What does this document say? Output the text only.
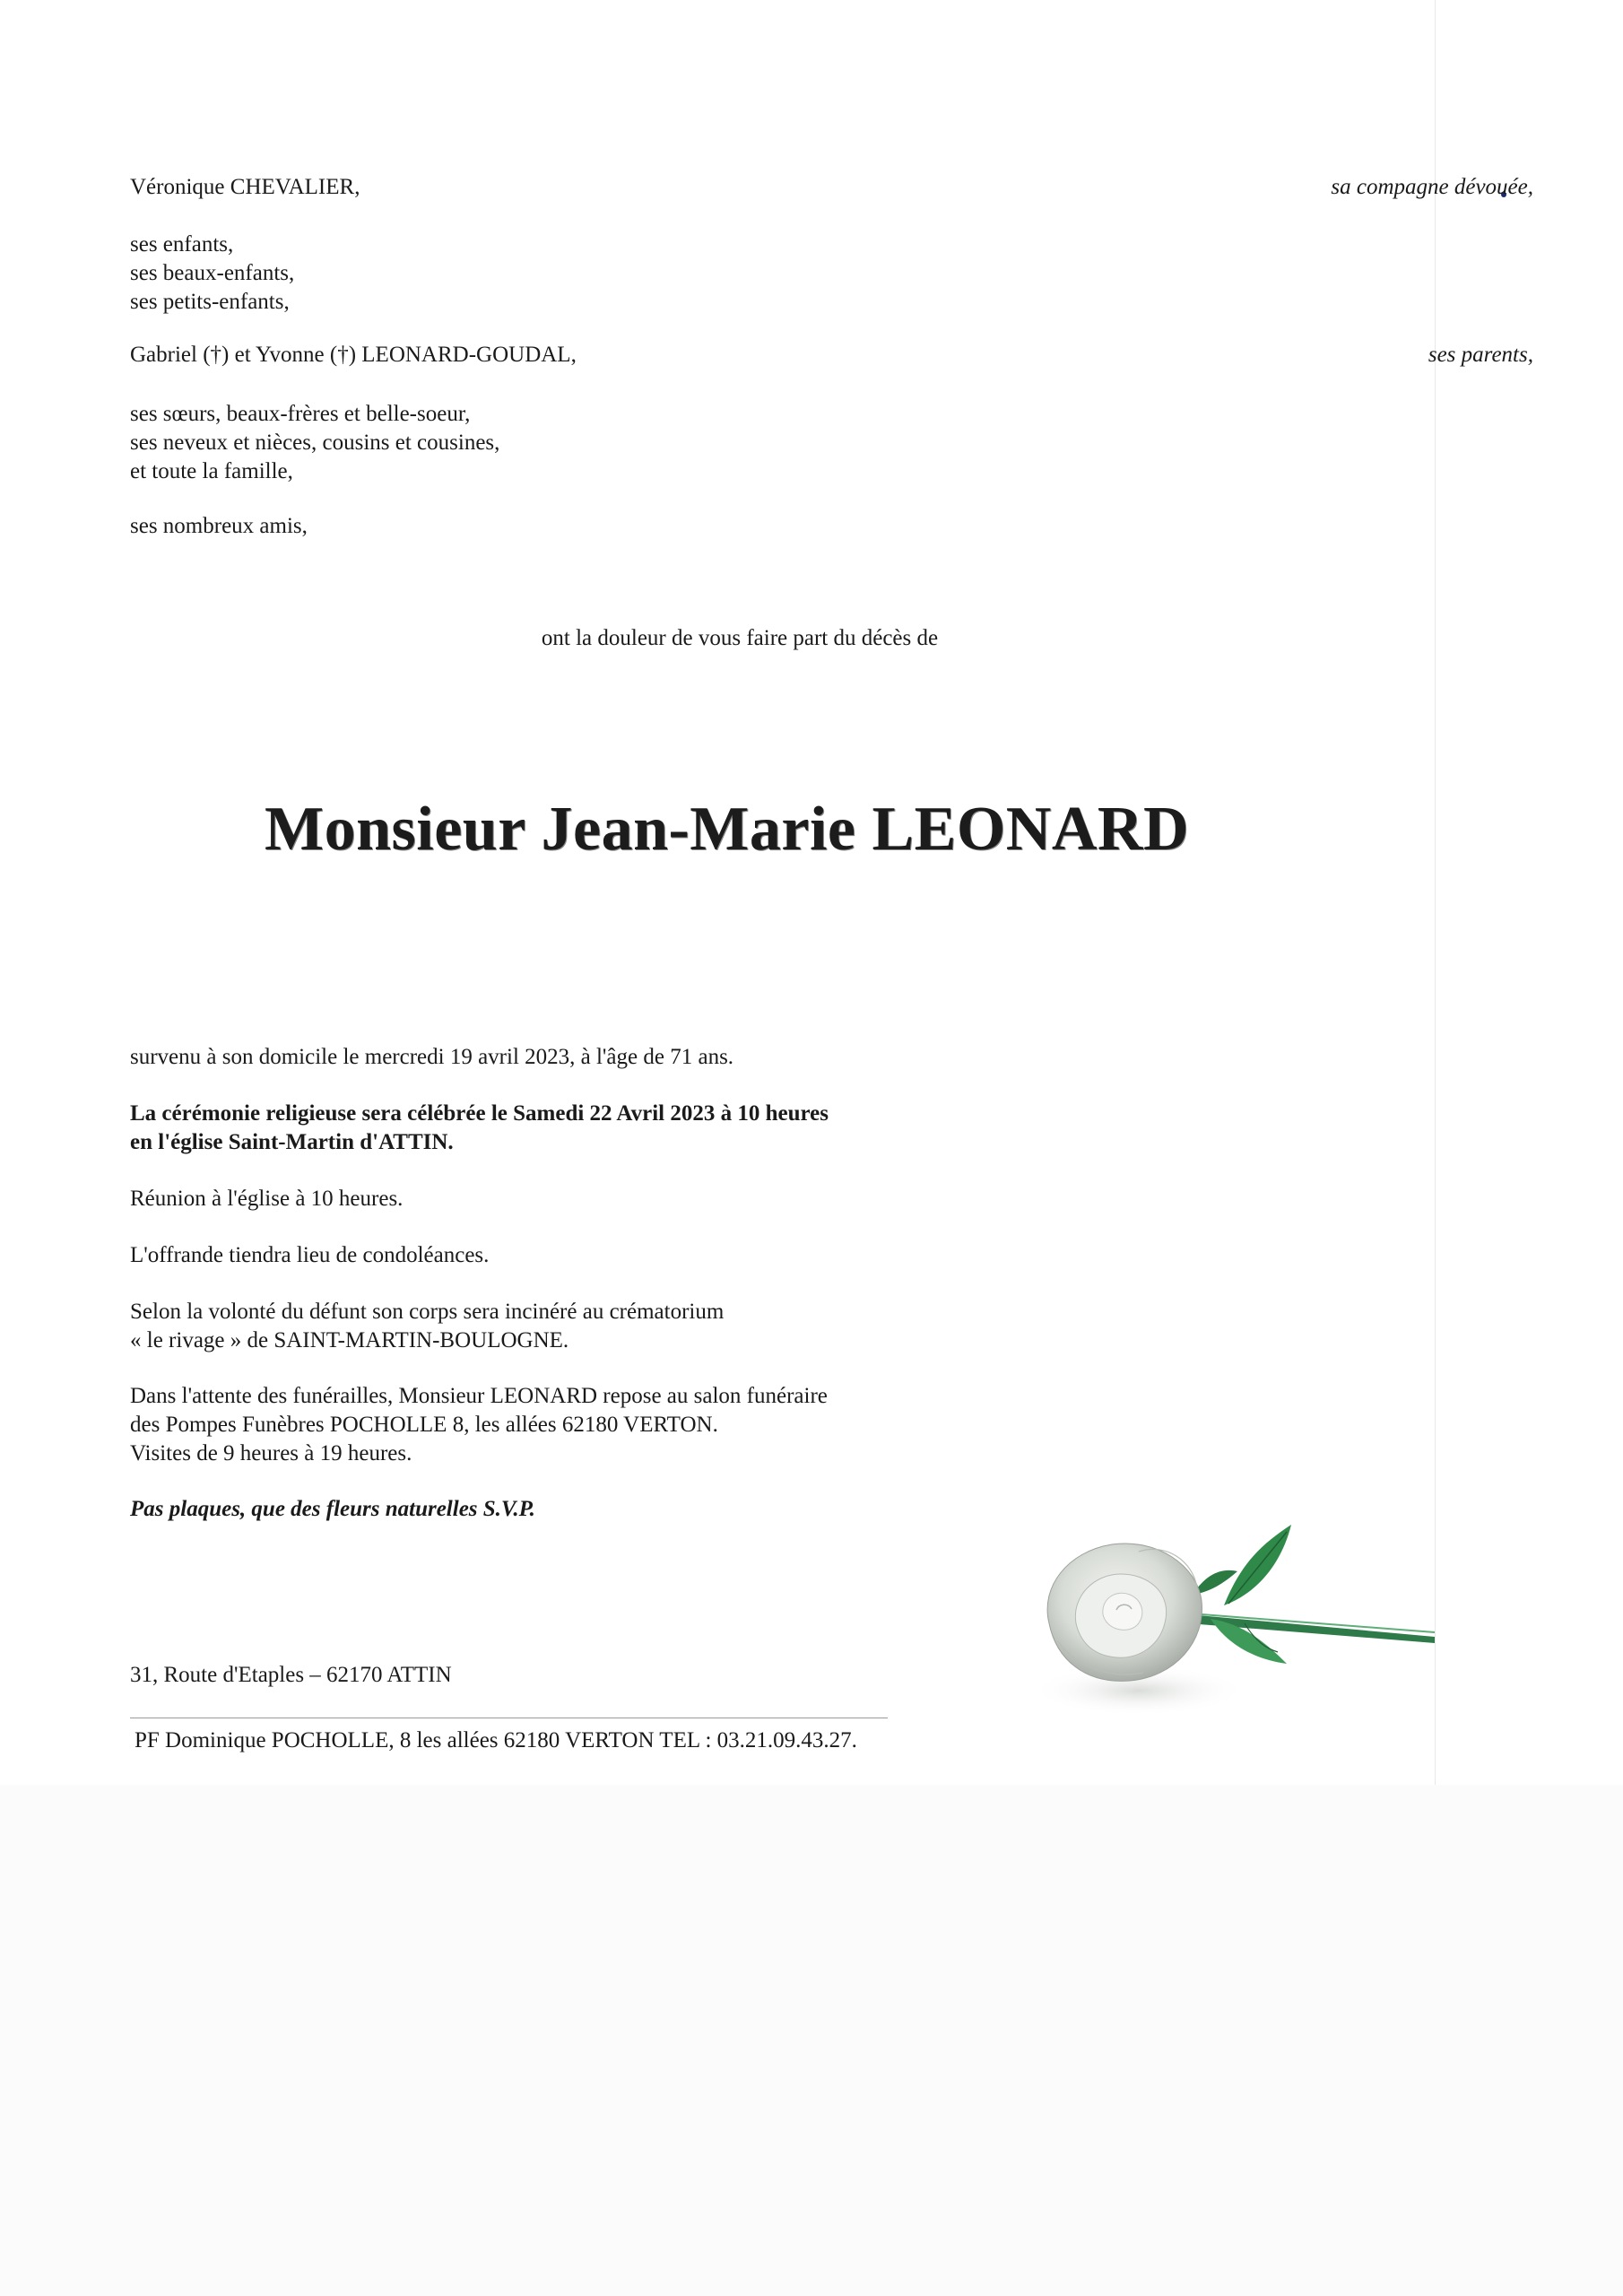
Véronique CHEVALIER,	sa compagne dévouée,
ses enfants,
ses beaux-enfants,
ses petits-enfants,
Gabriel (†) et Yvonne (†) LEONARD-GOUDAL,	ses parents,
ses sœurs, beaux-frères et belle-soeur,
ses neveux et nièces, cousins et cousines,
et toute la famille,
ses nombreux amis,
ont la douleur de vous faire part du décès de
Monsieur Jean-Marie LEONARD
survenu à son domicile le mercredi 19 avril 2023, à l'âge de 71 ans.
La cérémonie religieuse sera célébrée le Samedi 22 Avril 2023 à 10 heures
en l'église Saint-Martin d'ATTIN.
Réunion à l'église à 10 heures.
L'offrande tiendra lieu de condoléances.
Selon la volonté du défunt son corps sera incinéré au crématorium
« le rivage » de SAINT-MARTIN-BOULOGNE.
Dans l'attente des funérailles, Monsieur LEONARD repose au salon funéraire
des Pompes Funèbres POCHOLLE 8, les allées 62180 VERTON.
Visites de 9 heures à 19 heures.
Pas plaques, que des fleurs naturelles S.V.P.
31, Route d'Etaples – 62170 ATTIN
PF Dominique POCHOLLE, 8 les allées 62180 VERTON TEL : 03.21.09.43.27.
